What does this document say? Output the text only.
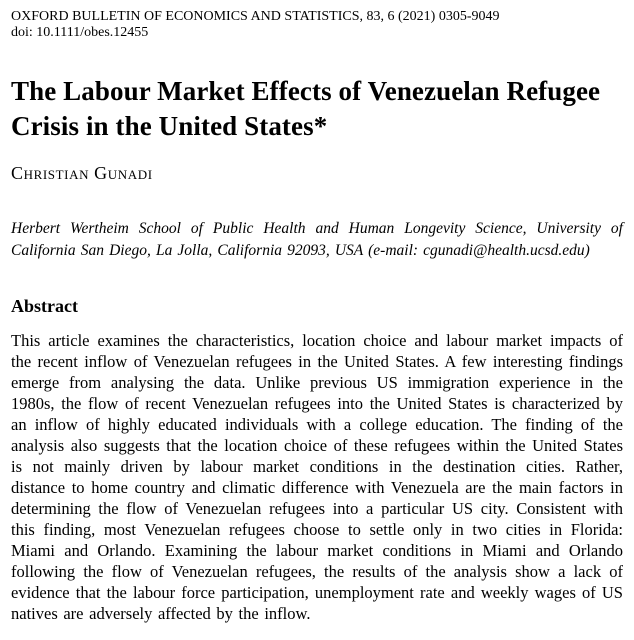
OXFORD BULLETIN OF ECONOMICS AND STATISTICS, 83, 6 (2021) 0305-9049
doi: 10.1111/obes.12455
The Labour Market Effects of Venezuelan Refugee Crisis in the United States*
Christian Gunadi
Herbert Wertheim School of Public Health and Human Longevity Science, University of California San Diego, La Jolla, California 92093, USA (e-mail: cgunadi@health.ucsd.edu)
Abstract

This article examines the characteristics, location choice and labour market impacts of the recent inflow of Venezuelan refugees in the United States. A few interesting findings emerge from analysing the data. Unlike previous US immigration experience in the 1980s, the flow of recent Venezuelan refugees into the United States is characterized by an inflow of highly educated individuals with a college education. The finding of the analysis also suggests that the location choice of these refugees within the United States is not mainly driven by labour market conditions in the destination cities. Rather, distance to home country and climatic difference with Venezuela are the main factors in determining the flow of Venezuelan refugees into a particular US city. Consistent with this finding, most Venezuelan refugees choose to settle only in two cities in Florida: Miami and Orlando. Examining the labour market conditions in Miami and Orlando following the flow of Venezuelan refugees, the results of the analysis show a lack of evidence that the labour force participation, unemployment rate and weekly wages of US natives are adversely affected by the inflow.
